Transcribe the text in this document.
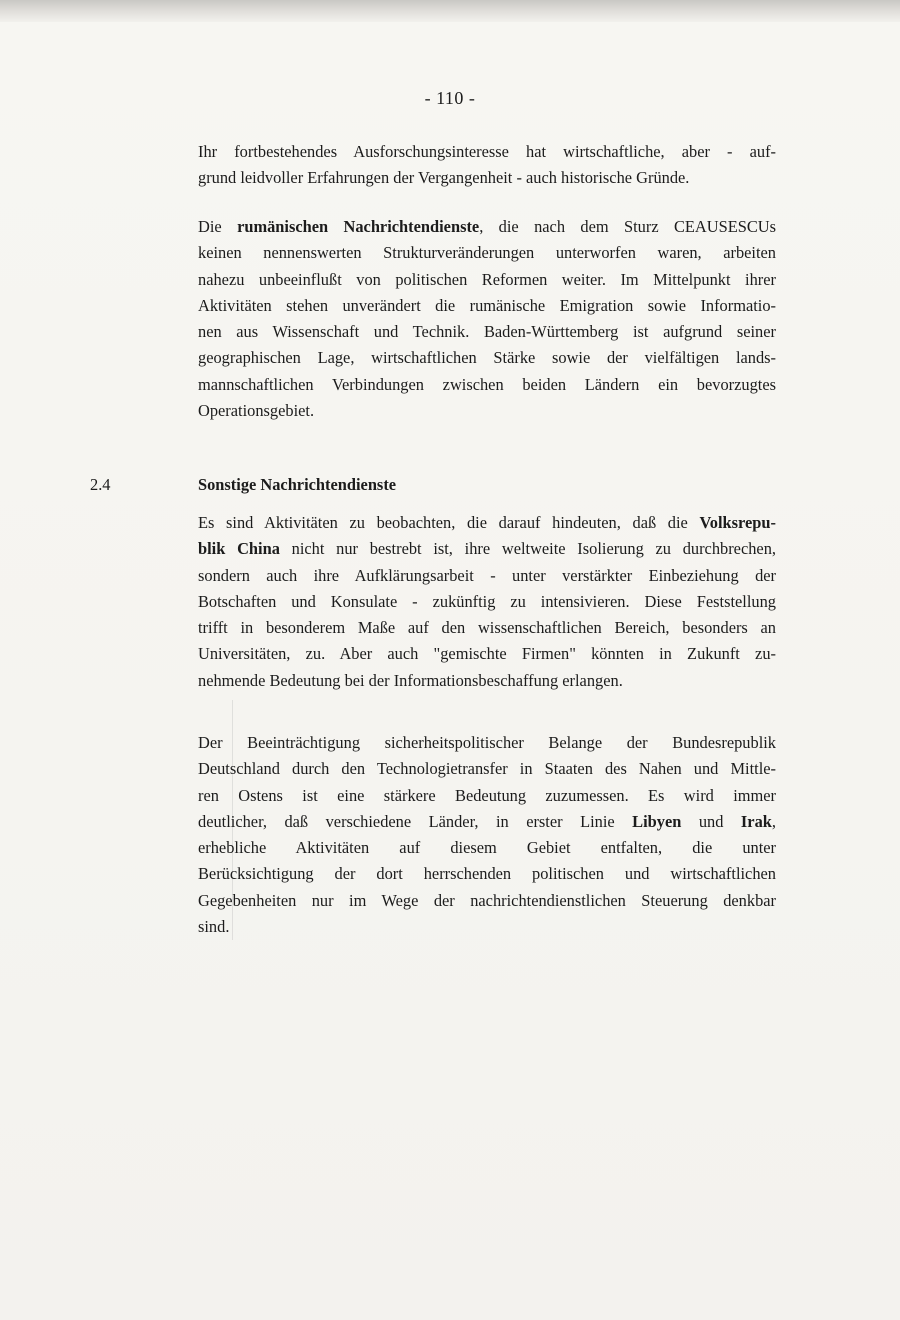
- 110 -
Ihr fortbestehendes Ausforschungsinteresse hat wirtschaftliche, aber - auf-
grund leidvoller Erfahrungen der Vergangenheit - auch historische Gründe.
Die rumänischen Nachrichtendienste, die nach dem Sturz CEAUSESCUs
keinen nennenswerten Strukturveränderungen unterworfen waren, arbeiten
nahezu unbeeinflußt von politischen Reformen weiter. Im Mittelpunkt ihrer
Aktivitäten stehen unverändert die rumänische Emigration sowie Informatio-
nen aus Wissenschaft und Technik. Baden-Württemberg ist aufgrund seiner
geographischen Lage, wirtschaftlichen Stärke sowie der vielfältigen lands-
mannschaftlichen Verbindungen zwischen beiden Ländern ein bevorzugtes
Operationsgebiet.
2.4	Sonstige Nachrichtendienste
Es sind Aktivitäten zu beobachten, die darauf hindeuten, daß die Volksrepu-
blik China nicht nur bestrebt ist, ihre weltweite Isolierung zu durchbrechen,
sondern auch ihre Aufklärungsarbeit - unter verstärkter Einbeziehung der
Botschaften und Konsulate - zukünftig zu intensivieren. Diese Feststellung
trifft in besonderem Maße auf den wissenschaftlichen Bereich, besonders an
Universitäten, zu. Aber auch "gemischte Firmen" könnten in Zukunft zu-
nehmende Bedeutung bei der Informationsbeschaffung erlangen.
Der Beeinträchtigung sicherheitspolitischer Belange der Bundesrepublik
Deutschland durch den Technologietransfer in Staaten des Nahen und Mittle-
ren Ostens ist eine stärkere Bedeutung zuzumessen. Es wird immer
deutlicher, daß verschiedene Länder, in erster Linie Libyen und Irak,
erhebliche Aktivitäten auf diesem Gebiet entfalten, die unter
Berücksichtigung der dort herrschenden politischen und wirtschaftlichen
Gegebenheiten nur im Wege der nachrichtendienstlichen Steuerung denkbar
sind.
